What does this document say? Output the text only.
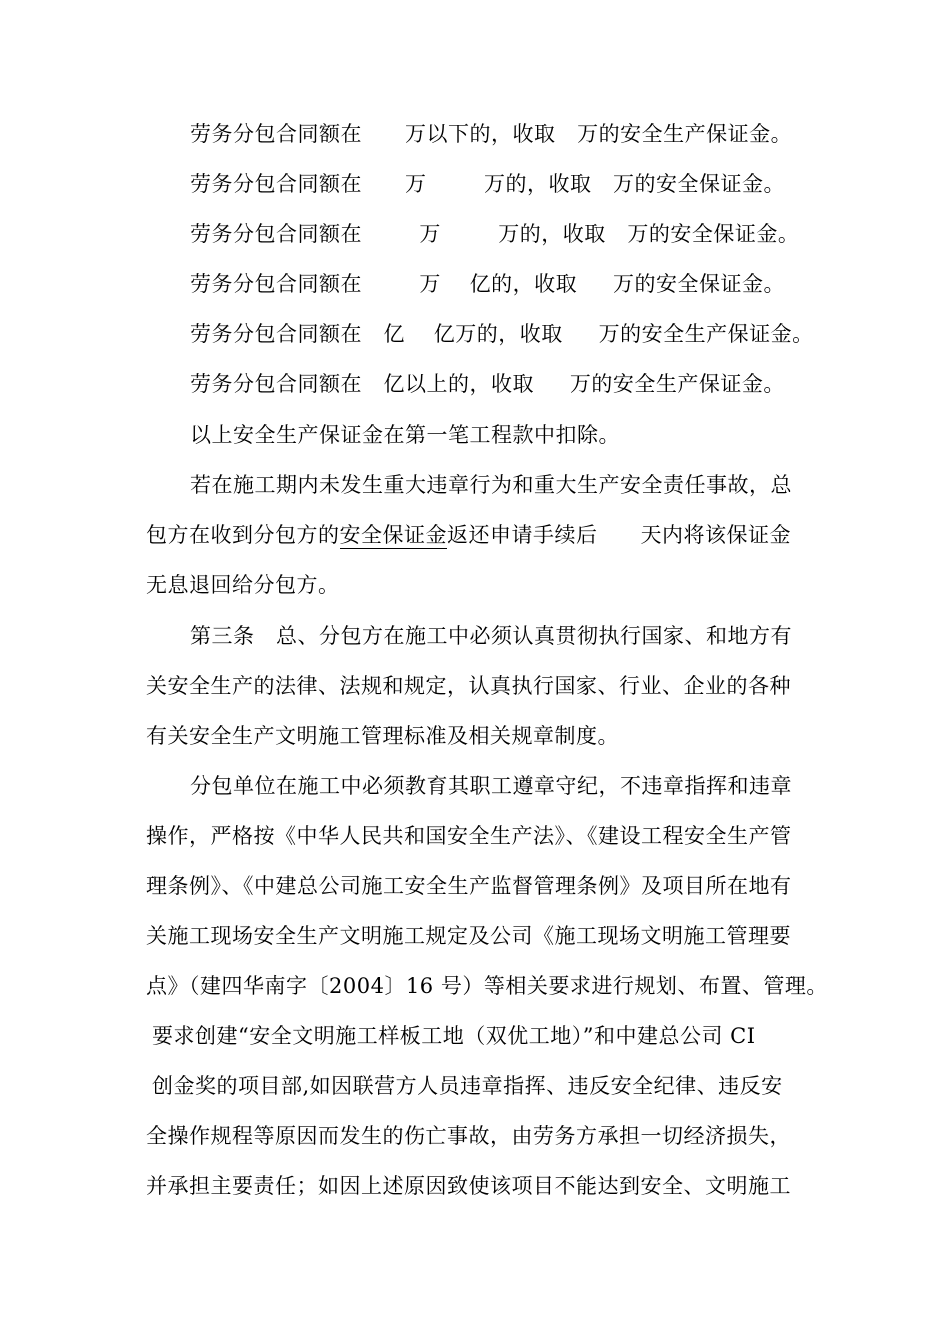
劳务分包合同额在      万以下的，收取   万的安全生产保证金。
劳务分包合同额在      万        万的，收取   万的安全保证金。
劳务分包合同额在        万        万的，收取   万的安全保证金。
劳务分包合同额在        万    亿的，收取     万的安全保证金。
劳务分包合同额在   亿    亿万的，收取     万的安全生产保证金。
劳务分包合同额在   亿以上的，收取     万的安全生产保证金。
以上安全生产保证金在第一笔工程款中扣除。
若在施工期内未发生重大违章行为和重大生产安全责任事故，总
包方在收到分包方的安全保证金返还申请手续后      天内将该保证金
无息退回给分包方。
第三条   总、分包方在施工中必须认真贯彻执行国家、和地方有
关安全生产的法律、法规和规定，认真执行国家、行业、企业的各种
有关安全生产文明施工管理标准及相关规章制度。
分包单位在施工中必须教育其职工遵章守纪，不违章指挥和违章
操作，严格按《中华人民共和国安全生产法》、《建设工程安全生产管
理条例》、《中建总公司施工安全生产监督管理条例》及项目所在地有
关施工现场安全生产文明施工规定及公司《施工现场文明施工管理要
点》（建四华南字〔2004〕16 号）等相关要求进行规划、布置、管理。
要求创建“安全文明施工样板工地（双优工地）”和中建总公司 CI
创金奖的项目部,如因联营方人员违章指挥、违反安全纪律、违反安
全操作规程等原因而发生的伤亡事故，由劳务方承担一切经济损失，
并承担主要责任；如因上述原因致使该项目不能达到安全、文明施工
